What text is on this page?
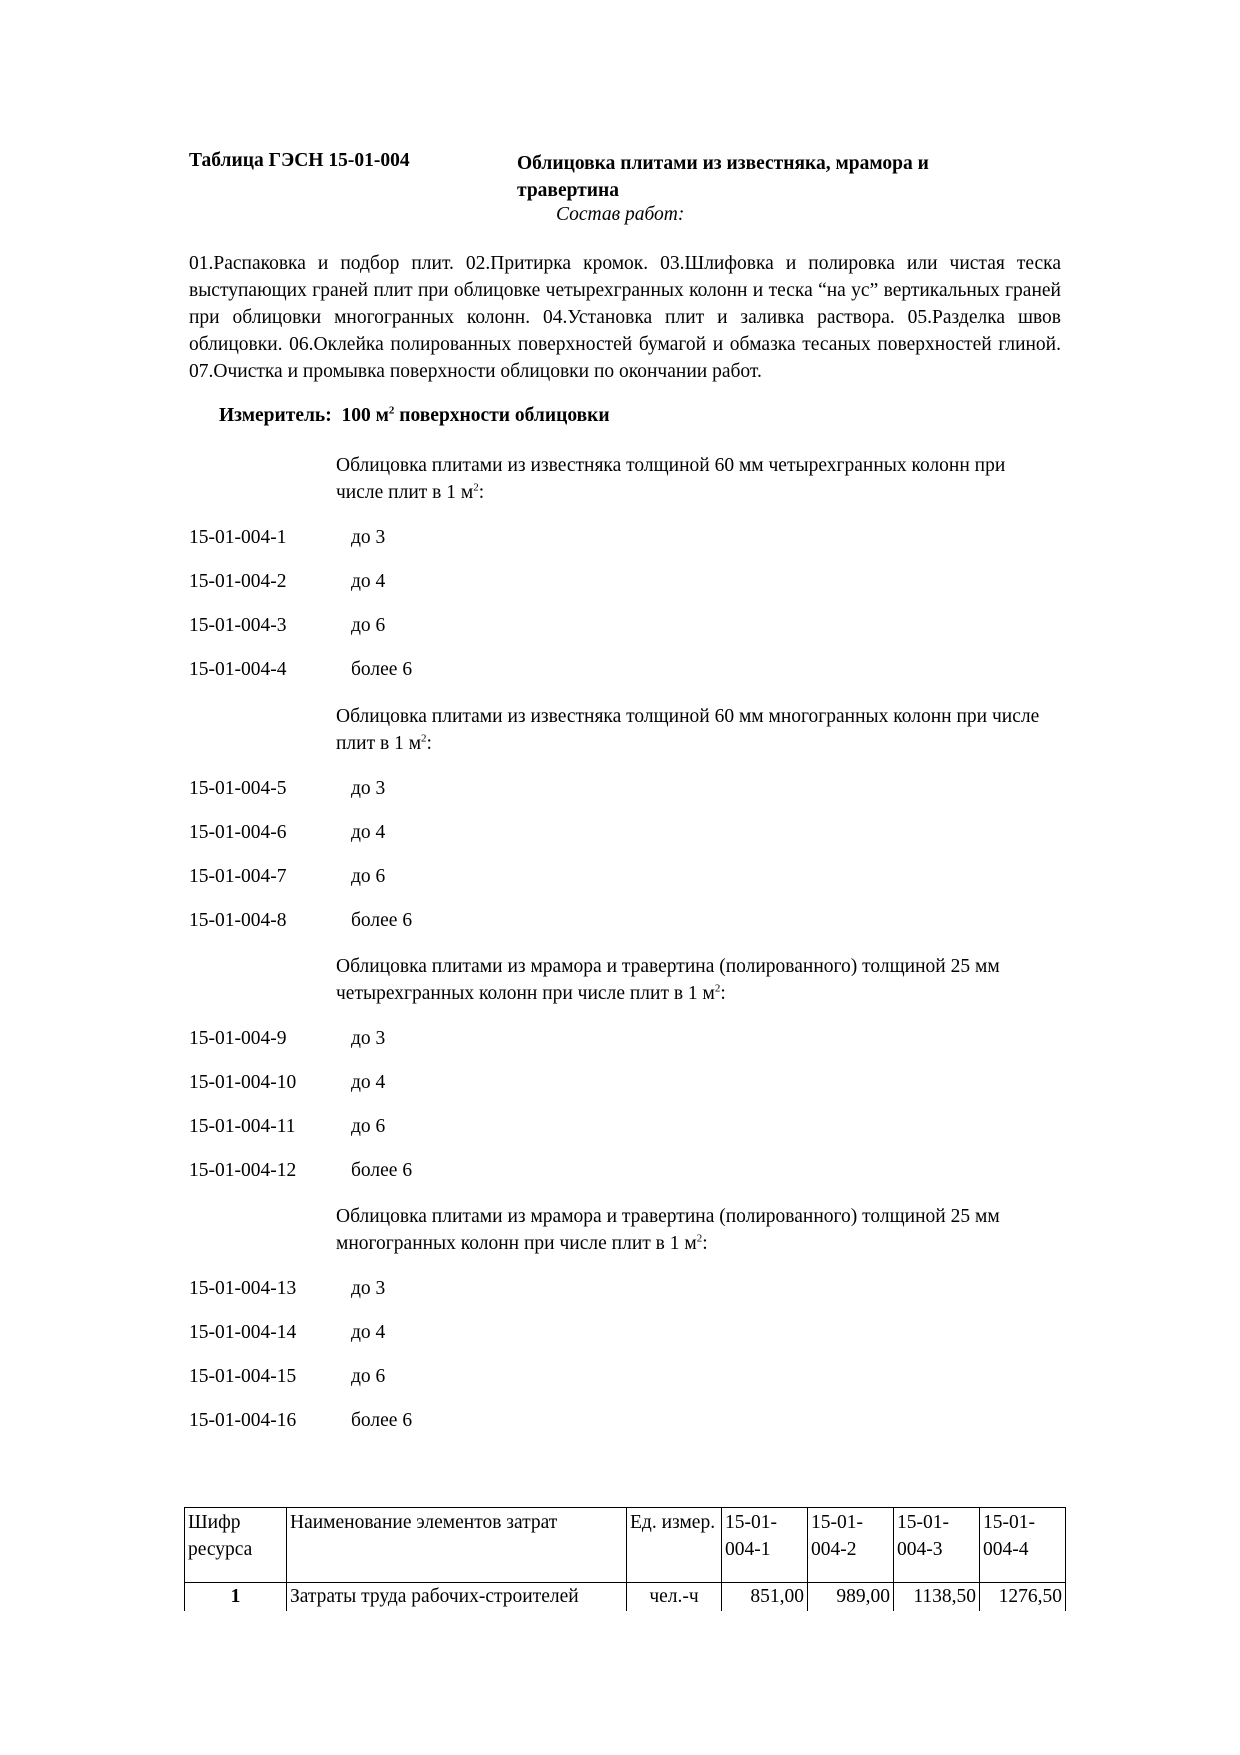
Таблица ГЭСН 15-01-004	Облицовка плитами из известняка, мрамора и травертина
Состав работ:
01.Распаковка и подбор плит. 02.Притирка кромок. 03.Шлифовка и полировка или чистая теска выступающих граней плит при облицовке четырехгранных колонн и теска “на ус” вертикальных граней при облицовки многогранных колонн. 04.Установка плит и заливка раствора. 05.Разделка швов облицовки. 06.Оклейка полированных поверхностей бумагой и обмазка тесаных поверхностей глиной. 07.Очистка и промывка поверхности облицовки по окончании работ.
Измеритель: 100 $м^2$ поверхности облицовки
Облицовка плитами из известняка толщиной 60 мм четырехгранных колонн при числе плит в 1 $м^2$:
15-01-004-1	до 3
15-01-004-2	до 4
15-01-004-3	до 6
15-01-004-4	более 6
Облицовка плитами из известняка толщиной 60 мм многогранных колонн при числе плит в 1 $м^2$:
15-01-004-5	до 3
15-01-004-6	до 4
15-01-004-7	до 6
15-01-004-8	более 6
Облицовка плитами из мрамора и травертина (полированного) толщиной 25 мм четырехгранных колонн при числе плит в 1 $м^2$:
15-01-004-9	до 3
15-01-004-10	до 4
15-01-004-11	до 6
15-01-004-12	более 6
Облицовка плитами из мрамора и травертина (полированного) толщиной 25 мм многогранных колонн при числе плит в 1 $м^2$:
15-01-004-13	до 3
15-01-004-14	до 4
15-01-004-15	до 6
15-01-004-16	более 6
Шифр ресурса	Наименование элементов затрат	Ед. измер.	15-01-004-1	15-01-004-2	15-01-004-3	15-01-004-4
1	Затраты труда рабочих-строителей	чел.-ч	851,00	989,00	1138,50	1276,50
